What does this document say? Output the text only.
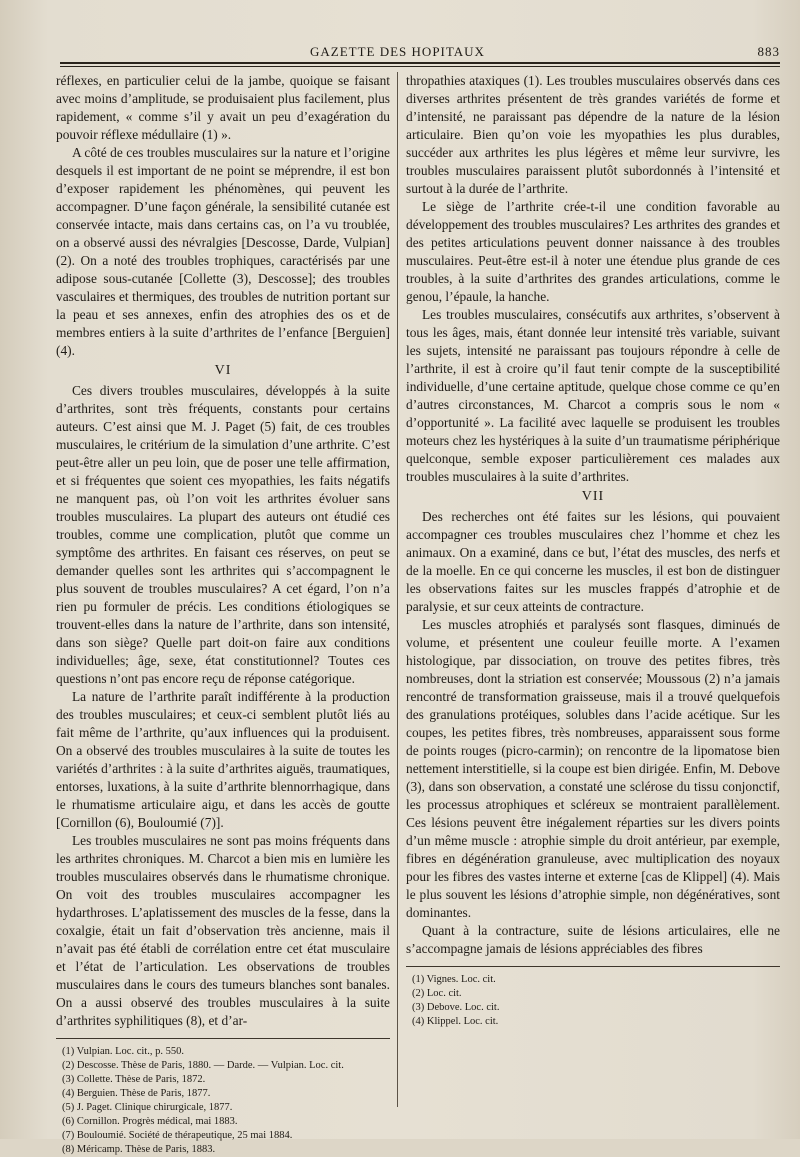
GAZETTE DES HOPITAUX	883

réflexes, en particulier celui de la jambe, quoique se faisant avec moins d’amplitude, se produisaient plus facilement, plus rapidement, « comme s’il y avait un peu d’exagération du pouvoir réflexe médullaire (1) ».

A côté de ces troubles musculaires sur la nature et l’origine desquels il est important de ne point se méprendre, il est bon d’exposer rapidement les phénomènes, qui peuvent les accompagner. D’une façon générale, la sensibilité cutanée est conservée intacte, mais dans certains cas, on l’a vu troublée, on a observé aussi des névralgies [Descosse, Darde, Vulpian] (2). On a noté des troubles trophiques, caractérisés par une adipose sous-cutanée [Collette (3), Descosse]; des troubles vasculaires et thermiques, des troubles de nutrition portant sur la peau et ses annexes, enfin des atrophies des os et de membres entiers à la suite d’arthrites de l’enfance [Berguien] (4).

VI

Ces divers troubles musculaires, développés à la suite d’arthrites, sont très fréquents, constants pour certains auteurs. C’est ainsi que M. J. Paget (5) fait, de ces troubles musculaires, le critérium de la simulation d’une arthrite. C’est peut-être aller un peu loin, que de poser une telle affirmation, et si fréquentes que soient ces myopathies, les faits négatifs ne manquent pas, où l’on voit les arthrites évoluer sans troubles musculaires. La plupart des auteurs ont étudié ces troubles, comme une complication, plutôt que comme un symptôme des arthrites. En faisant ces réserves, on peut se demander quelles sont les arthrites qui s’accompagnent le plus souvent de troubles musculaires? A cet égard, l’on n’a rien pu formuler de précis. Les conditions étiologiques se trouvent-elles dans la nature de l’arthrite, dans son intensité, dans son siège? Quelle part doit-on faire aux conditions individuelles; âge, sexe, état constitutionnel? Toutes ces questions n’ont pas encore reçu de réponse catégorique.

La nature de l’arthrite paraît indifférente à la production des troubles musculaires; et ceux-ci semblent plutôt liés au fait même de l’arthrite, qu’aux influences qui la produisent. On a observé des troubles musculaires à la suite de toutes les variétés d’arthrites : à la suite d’arthrites aiguës, traumatiques, entorses, luxations, à la suite d’arthrite blennorrhagique, dans le rhumatisme articulaire aigu, et dans les accès de goutte [Cornillon (6), Bouloumié (7)].

Les troubles musculaires ne sont pas moins fréquents dans les arthrites chroniques. M. Charcot a bien mis en lumière les troubles musculaires observés dans le rhumatisme chronique. On voit des troubles musculaires accompagner les hydarthroses. L’aplatissement des muscles de la fesse, dans la coxalgie, était un fait d’observation très ancienne, mais il n’avait pas été établi de corrélation entre cet état musculaire et l’état de l’articulation. Les observations de troubles musculaires dans le cours des tumeurs blanches sont banales. On a aussi observé des troubles musculaires à la suite d’arthrites syphilitiques (8), et d’ar-

(1) Vulpian. Loc. cit., p. 550.
(2) Descosse. Thèse de Paris, 1880. — Darde. — Vulpian. Loc. cit.
(3) Collette. Thèse de Paris, 1872.
(4) Berguien. Thèse de Paris, 1877.
(5) J. Paget. Clinique chirurgicale, 1877.
(6) Cornillon. Progrès médical, mai 1883.
(7) Bouloumié. Société de thérapeutique, 25 mai 1884.
(8) Méricamp. Thèse de Paris, 1883.

thropathies ataxiques (1). Les troubles musculaires observés dans ces diverses arthrites présentent de très grandes variétés de forme et d’intensité, ne paraissant pas dépendre de la nature de la lésion articulaire. Bien qu’on voie les myopathies les plus durables, succéder aux arthrites les plus légères et même leur survivre, les troubles musculaires paraissent plutôt subordonnés à l’intensité et surtout à la durée de l’arthrite.

Le siège de l’arthrite crée-t-il une condition favorable au développement des troubles musculaires? Les arthrites des grandes et des petites articulations peuvent donner naissance à des troubles musculaires. Peut-être est-il à noter une étendue plus grande de ces troubles, à la suite d’arthrites des grandes articulations, comme le genou, l’épaule, la hanche.

Les troubles musculaires, consécutifs aux arthrites, s’observent à tous les âges, mais, étant donnée leur intensité très variable, suivant les sujets, intensité ne paraissant pas toujours répondre à celle de l’arthrite, il est à croire qu’il faut tenir compte de la susceptibilité individuelle, d’une certaine aptitude, quelque chose comme ce qu’en d’autres circonstances, M. Charcot a compris sous le nom « d’opportunité ». La facilité avec laquelle se produisent les troubles moteurs chez les hystériques à la suite d’un traumatisme périphérique quelconque, semble exposer particulièrement ces malades aux troubles musculaires à la suite d’arthrites.

VII

Des recherches ont été faites sur les lésions, qui pouvaient accompagner ces troubles musculaires chez l’homme et chez les animaux. On a examiné, dans ce but, l’état des muscles, des nerfs et de la moelle. En ce qui concerne les muscles, il est bon de distinguer les observations faites sur les muscles frappés d’atrophie et de paralysie, et sur ceux atteints de contracture.

Les muscles atrophiés et paralysés sont flasques, diminués de volume, et présentent une couleur feuille morte. A l’examen histologique, par dissociation, on trouve des petites fibres, très nombreuses, dont la striation est conservée; Moussous (2) n’a jamais rencontré de transformation graisseuse, mais il a trouvé quelquefois des granulations protéiques, solubles dans l’acide acétique. Sur les coupes, les petites fibres, très nombreuses, apparaissent sous forme de points rouges (picro-carmin); on rencontre de la lipomatose bien nettement interstitielle, si la coupe est bien dirigée. Enfin, M. Debove (3), dans son observation, a constaté une sclérose du tissu conjonctif, les processus atrophiques et scléreux se montraient parallèlement. Ces lésions peuvent être inégalement réparties sur les divers points d’un même muscle : atrophie simple du droit antérieur, par exemple, fibres en dégénération granuleuse, avec multiplication des noyaux pour les fibres des vastes interne et externe [cas de Klippel] (4). Mais le plus souvent les lésions d’atrophie simple, non dégénératives, sont dominantes.

Quant à la contracture, suite de lésions articulaires, elle ne s’accompagne jamais de lésions appréciables des fibres

(1) Vignes. Loc. cit.
(2) Loc. cit.
(3) Debove. Loc. cit.
(4) Klippel. Loc. cit.
